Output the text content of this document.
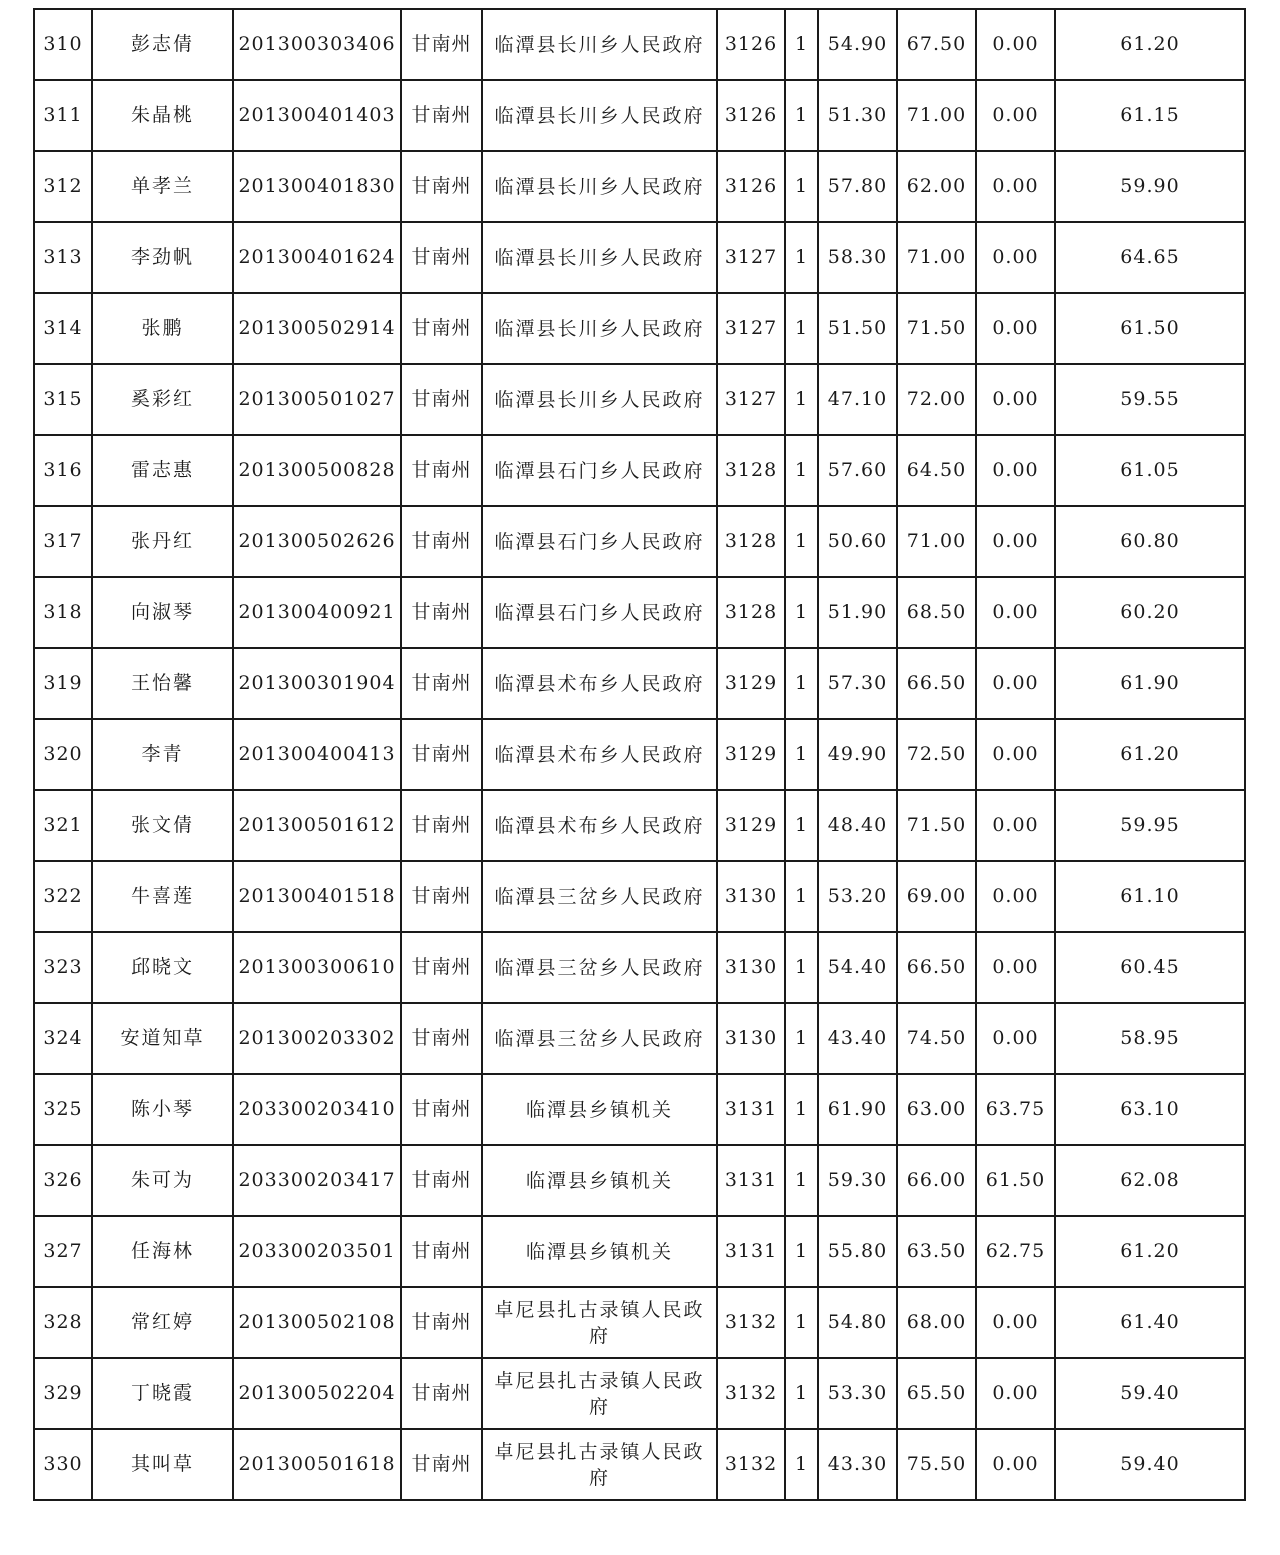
310	彭志倩	201300303406	甘南州	临潭县长川乡人民政府	3126	1	54.90	67.50	0.00	61.20
311	朱晶桃	201300401403	甘南州	临潭县长川乡人民政府	3126	1	51.30	71.00	0.00	61.15
312	单孝兰	201300401830	甘南州	临潭县长川乡人民政府	3126	1	57.80	62.00	0.00	59.90
313	李劲帆	201300401624	甘南州	临潭县长川乡人民政府	3127	1	58.30	71.00	0.00	64.65
314	张鹏	201300502914	甘南州	临潭县长川乡人民政府	3127	1	51.50	71.50	0.00	61.50
315	奚彩红	201300501027	甘南州	临潭县长川乡人民政府	3127	1	47.10	72.00	0.00	59.55
316	雷志惠	201300500828	甘南州	临潭县石门乡人民政府	3128	1	57.60	64.50	0.00	61.05
317	张丹红	201300502626	甘南州	临潭县石门乡人民政府	3128	1	50.60	71.00	0.00	60.80
318	向淑琴	201300400921	甘南州	临潭县石门乡人民政府	3128	1	51.90	68.50	0.00	60.20
319	王怡馨	201300301904	甘南州	临潭县术布乡人民政府	3129	1	57.30	66.50	0.00	61.90
320	李青	201300400413	甘南州	临潭县术布乡人民政府	3129	1	49.90	72.50	0.00	61.20
321	张文倩	201300501612	甘南州	临潭县术布乡人民政府	3129	1	48.40	71.50	0.00	59.95
322	牛喜莲	201300401518	甘南州	临潭县三岔乡人民政府	3130	1	53.20	69.00	0.00	61.10
323	邱晓文	201300300610	甘南州	临潭县三岔乡人民政府	3130	1	54.40	66.50	0.00	60.45
324	安道知草	201300203302	甘南州	临潭县三岔乡人民政府	3130	1	43.40	74.50	0.00	58.95
325	陈小琴	203300203410	甘南州	临潭县乡镇机关	3131	1	61.90	63.00	63.75	63.10
326	朱可为	203300203417	甘南州	临潭县乡镇机关	3131	1	59.30	66.00	61.50	62.08
327	任海林	203300203501	甘南州	临潭县乡镇机关	3131	1	55.80	63.50	62.75	61.20
328	常红婷	201300502108	甘南州	卓尼县扎古录镇人民政府	3132	1	54.80	68.00	0.00	61.40
329	丁晓霞	201300502204	甘南州	卓尼县扎古录镇人民政府	3132	1	53.30	65.50	0.00	59.40
330	其叫草	201300501618	甘南州	卓尼县扎古录镇人民政府	3132	1	43.30	75.50	0.00	59.40
